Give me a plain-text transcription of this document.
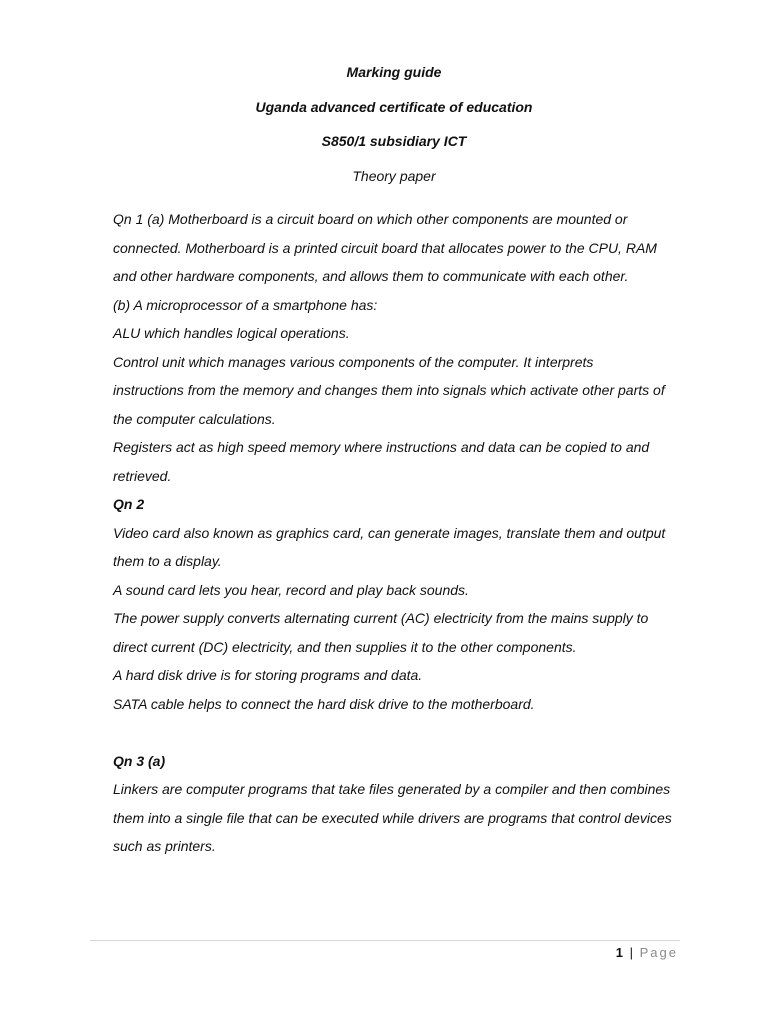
Marking guide
Uganda advanced certificate of education
S850/1 subsidiary ICT
Theory paper
Qn 1 (a) Motherboard is a circuit board on which other components are mounted or
connected. Motherboard is a printed circuit board that allocates power to the CPU, RAM
and other hardware components, and allows them to communicate with each other.
(b) A microprocessor of a smartphone has:
ALU which handles logical operations.
Control unit which manages various components of the computer. It interprets
instructions from the memory and changes them into signals which activate other parts of
the computer calculations.
Registers act as high speed memory where instructions and data can be copied to and
retrieved.
Qn 2
Video card also known as graphics card, can generate images, translate them and output
them to a display.
A sound card lets you hear, record and play back sounds.
The power supply converts alternating current (AC) electricity from the mains supply to
direct current (DC) electricity, and then supplies it to the other components.
A hard disk drive is for storing programs and data.
SATA cable helps to connect the hard disk drive to the motherboard.
Qn 3 (a)
Linkers are computer programs that take files generated by a compiler and then combines
them into a single file that can be executed while drivers are programs that control devices
such as printers.
1 | Page
